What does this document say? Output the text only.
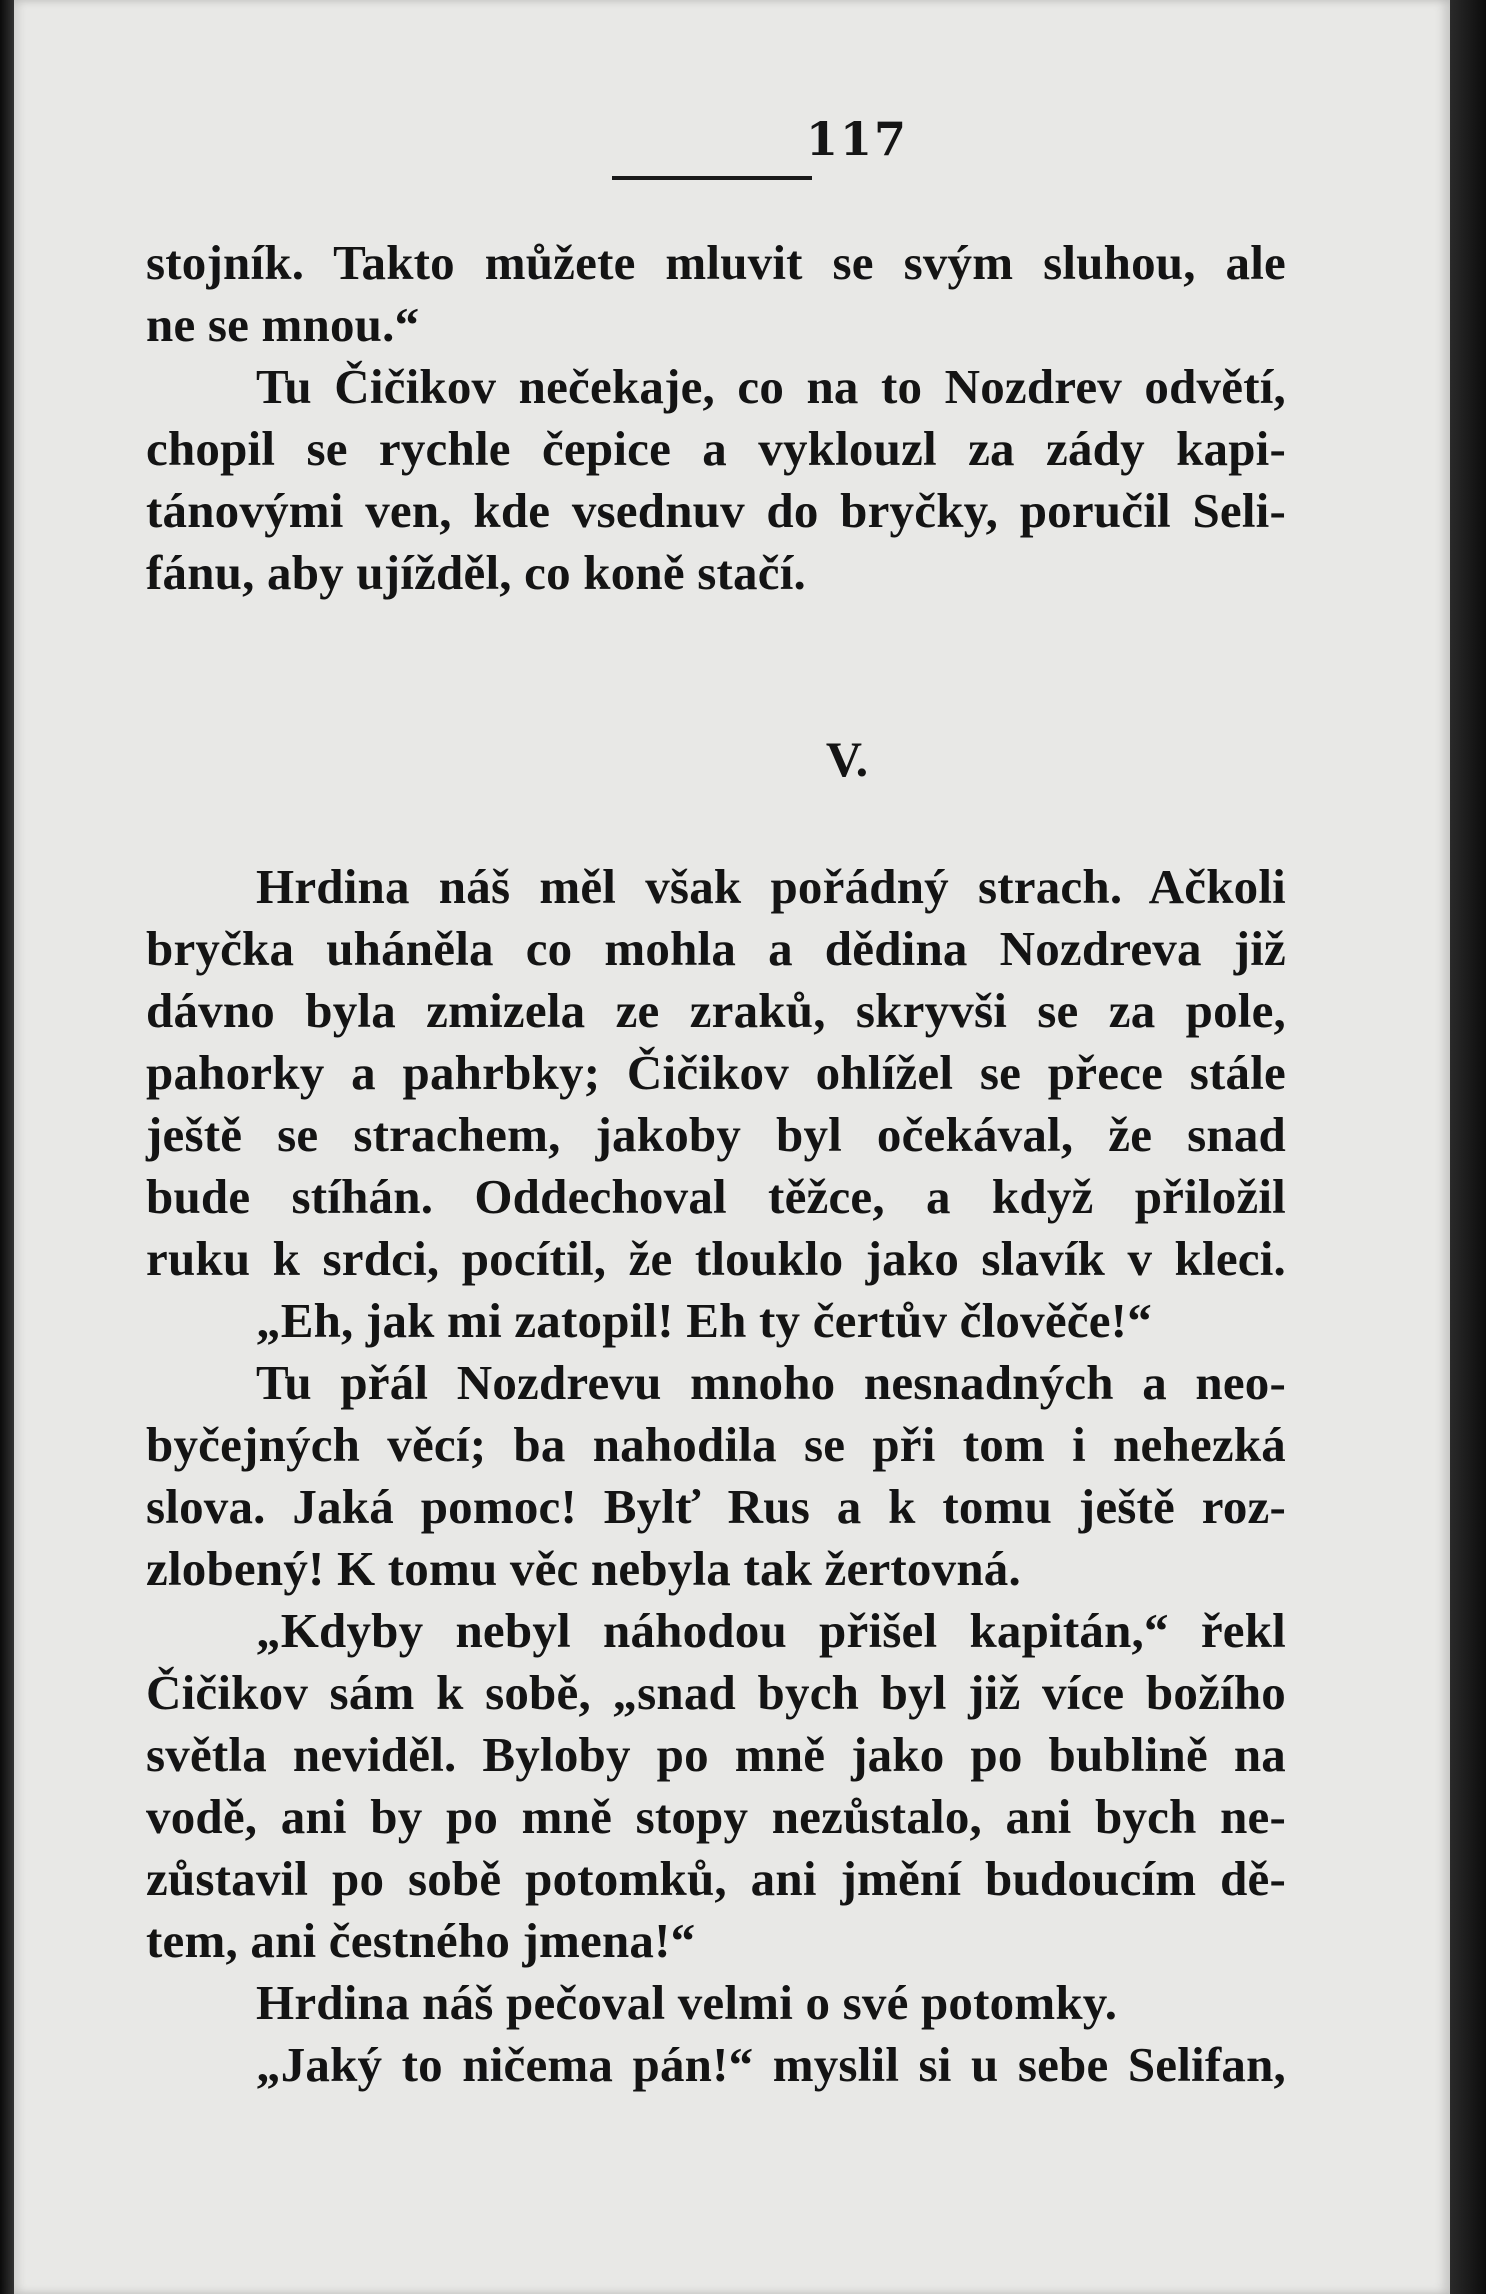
117
stojník. Takto můžete mluvit se svým sluhou, ale
ne se mnou.“
Tu Čičikov nečekaje, co na to Nozdrev odvětí,
chopil se rychle čepice a vyklouzl za zády kapi-
tánovými ven, kde vsednuv do bryčky, poručil Seli-
fánu, aby ujížděl, co koně stačí.
V.
Hrdina náš měl však pořádný strach. Ačkoli
bryčka uháněla co mohla a dědina Nozdreva již
dávno byla zmizela ze zraků, skryvši se za pole,
pahorky a pahrbky; Čičikov ohlížel se přece stále
ještě se strachem, jakoby byl očekával, že snad
bude stíhán. Oddechoval těžce, a když přiložil
ruku k srdci, pocítil, že tlouklo jako slavík v kleci.
„Eh, jak mi zatopil! Eh ty čertův člověče!“
Tu přál Nozdrevu mnoho nesnadných a neo-
byčejných věcí; ba nahodila se při tom i nehezká
slova. Jaká pomoc! Bylť Rus a k tomu ještě roz-
zlobený! K tomu věc nebyla tak žertovná.
„Kdyby nebyl náhodou přišel kapitán,“ řekl
Čičikov sám k sobě, „snad bych byl již více božího
světla neviděl. Byloby po mně jako po bublině na
vodě, ani by po mně stopy nezůstalo, ani bych ne-
zůstavil po sobě potomků, ani jmění budoucím dě-
tem, ani čestného jmena!“
Hrdina náš pečoval velmi o své potomky.
„Jaký to ničema pán!“ myslil si u sebe Selifan,
